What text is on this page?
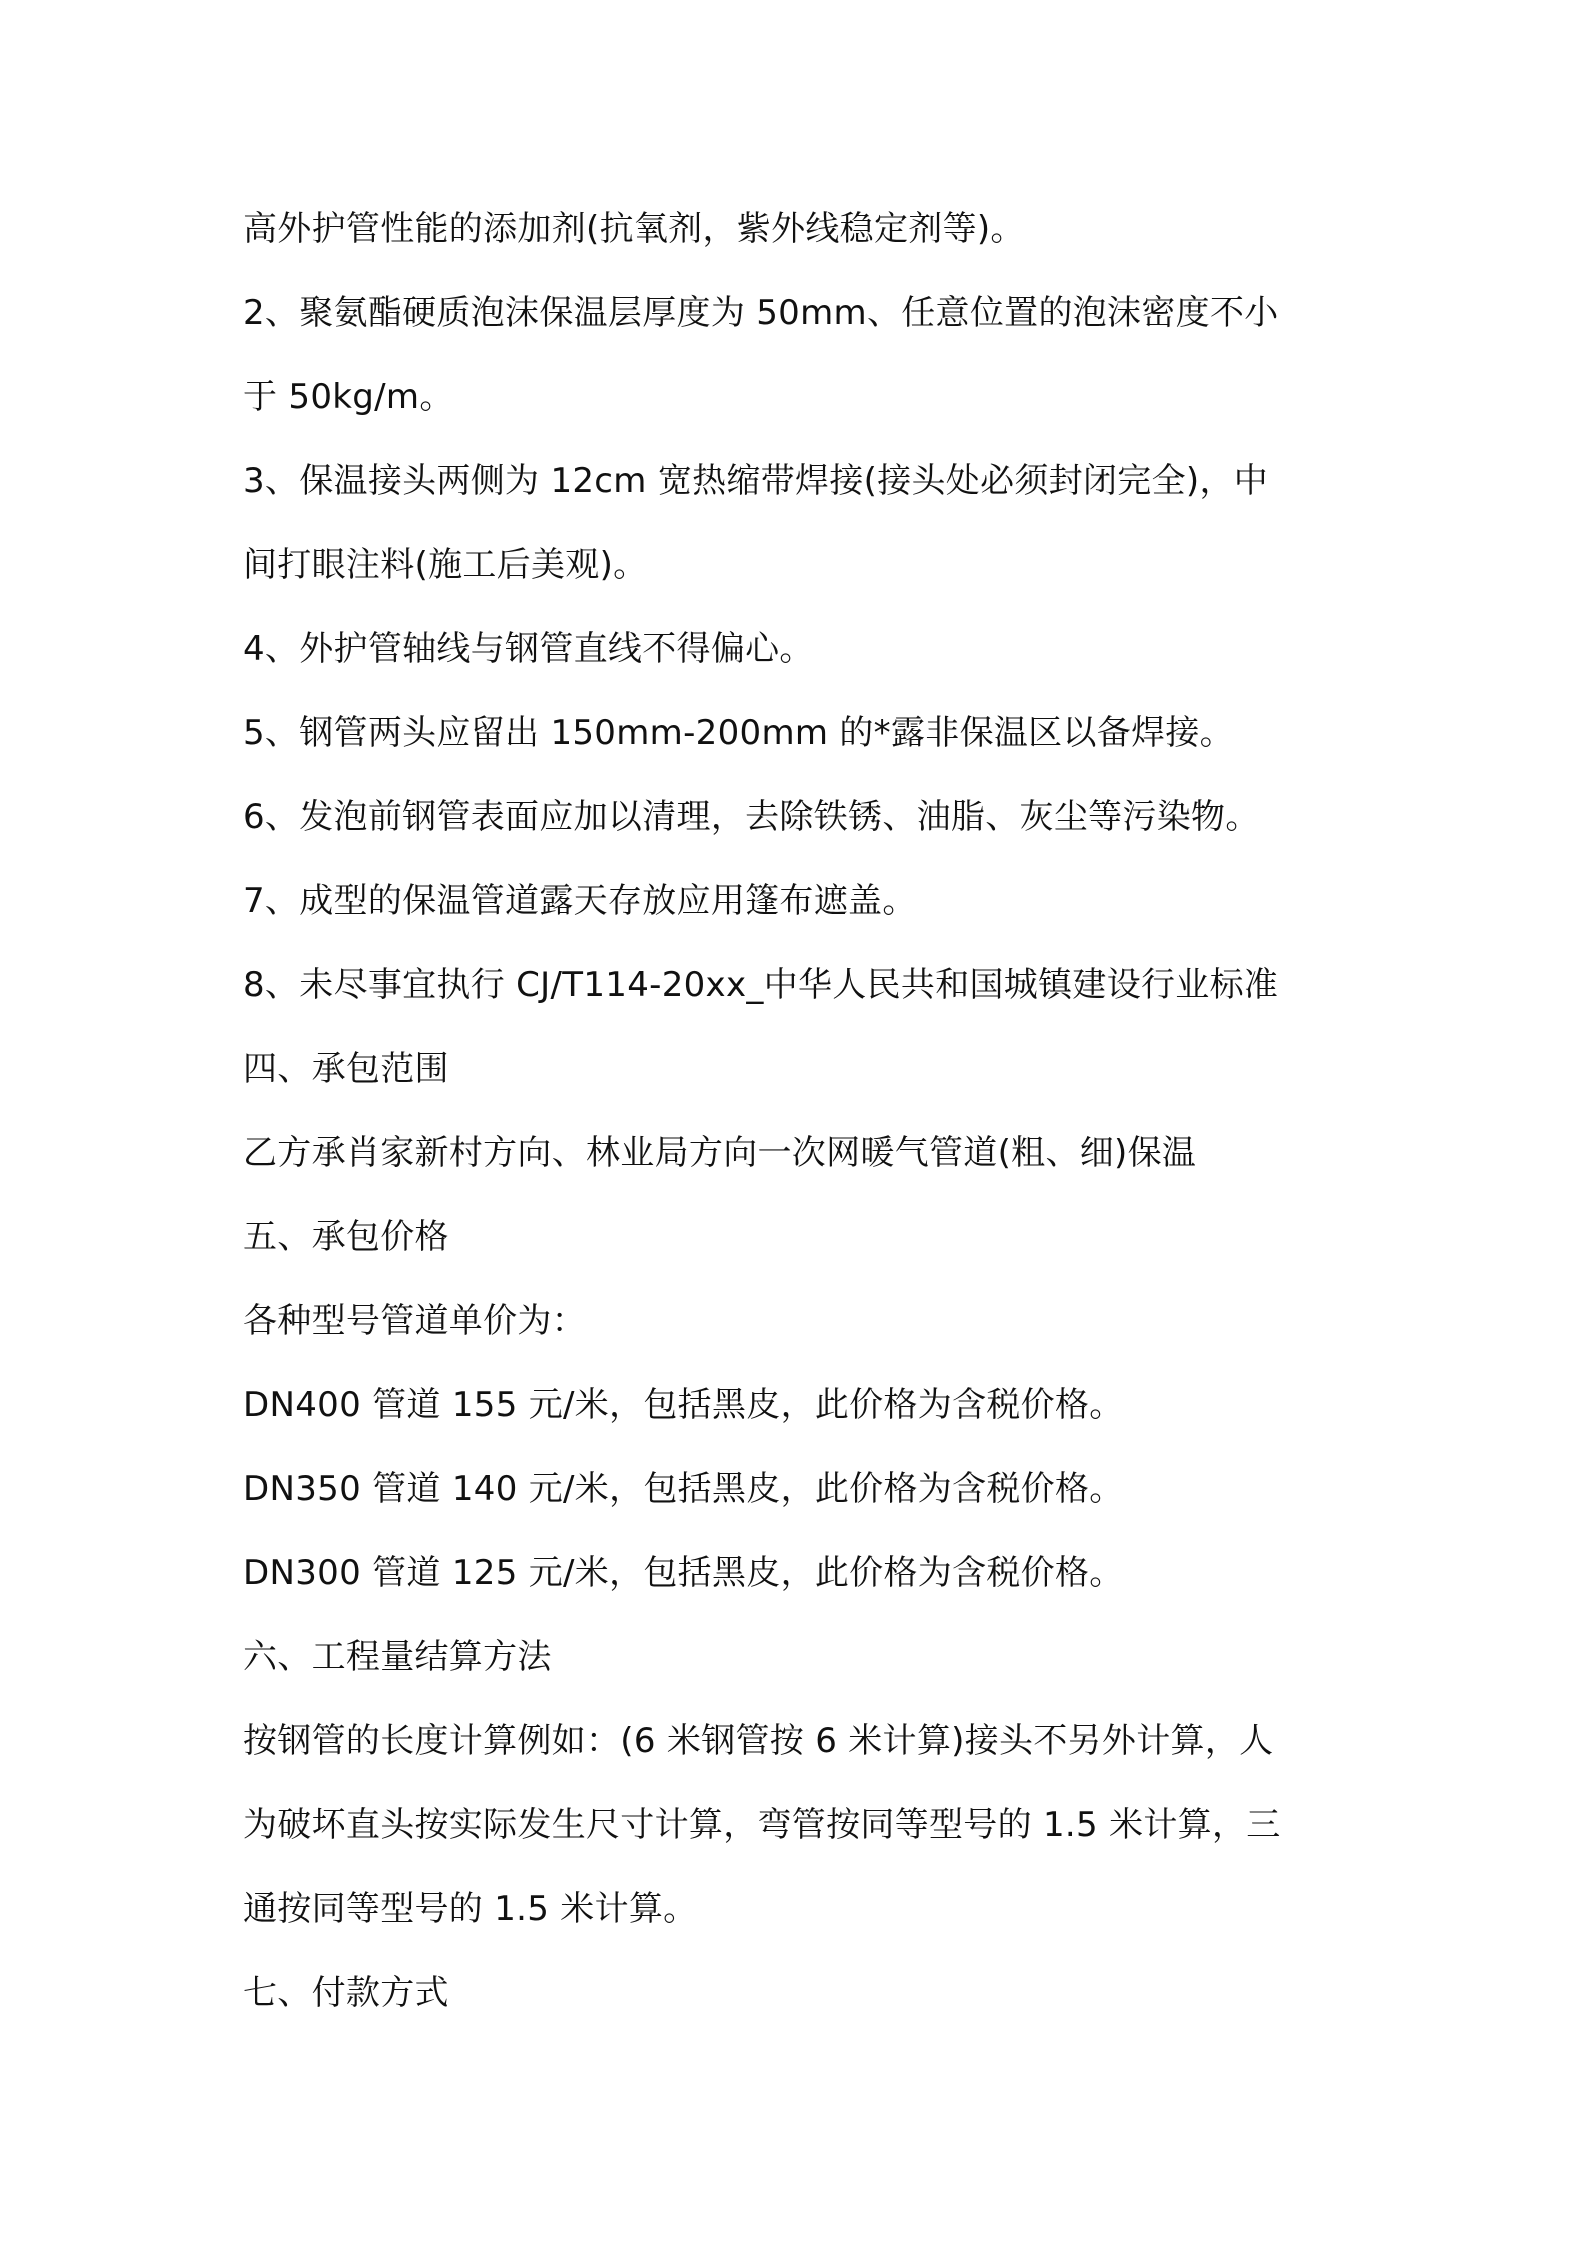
高外护管性能的添加剂(抗氧剂，紫外线稳定剂等)。
2、聚氨酯硬质泡沫保温层厚度为 50mm、任意位置的泡沫密度不小
于 50kg/m。
3、保温接头两侧为 12cm 宽热缩带焊接(接头处必须封闭完全)，中
间打眼注料(施工后美观)。
4、外护管轴线与钢管直线不得偏心。
5、钢管两头应留出 150mm-200mm 的*露非保温区以备焊接。
6、发泡前钢管表面应加以清理，去除铁锈、油脂、灰尘等污染物。
7、成型的保温管道露天存放应用篷布遮盖。
8、未尽事宜执行 CJ/T114-20xx_中华人民共和国城镇建设行业标准
四、承包范围
乙方承肖家新村方向、林业局方向一次网暖气管道(粗、细)保温
五、承包价格
各种型号管道单价为：
DN400 管道 155 元/米，包括黑皮，此价格为含税价格。
DN350 管道 140 元/米，包括黑皮，此价格为含税价格。
DN300 管道 125 元/米，包括黑皮，此价格为含税价格。
六、工程量结算方法
按钢管的长度计算例如：(6 米钢管按 6 米计算)接头不另外计算，人
为破坏直头按实际发生尺寸计算，弯管按同等型号的 1.5 米计算，三
通按同等型号的 1.5 米计算。
七、付款方式
